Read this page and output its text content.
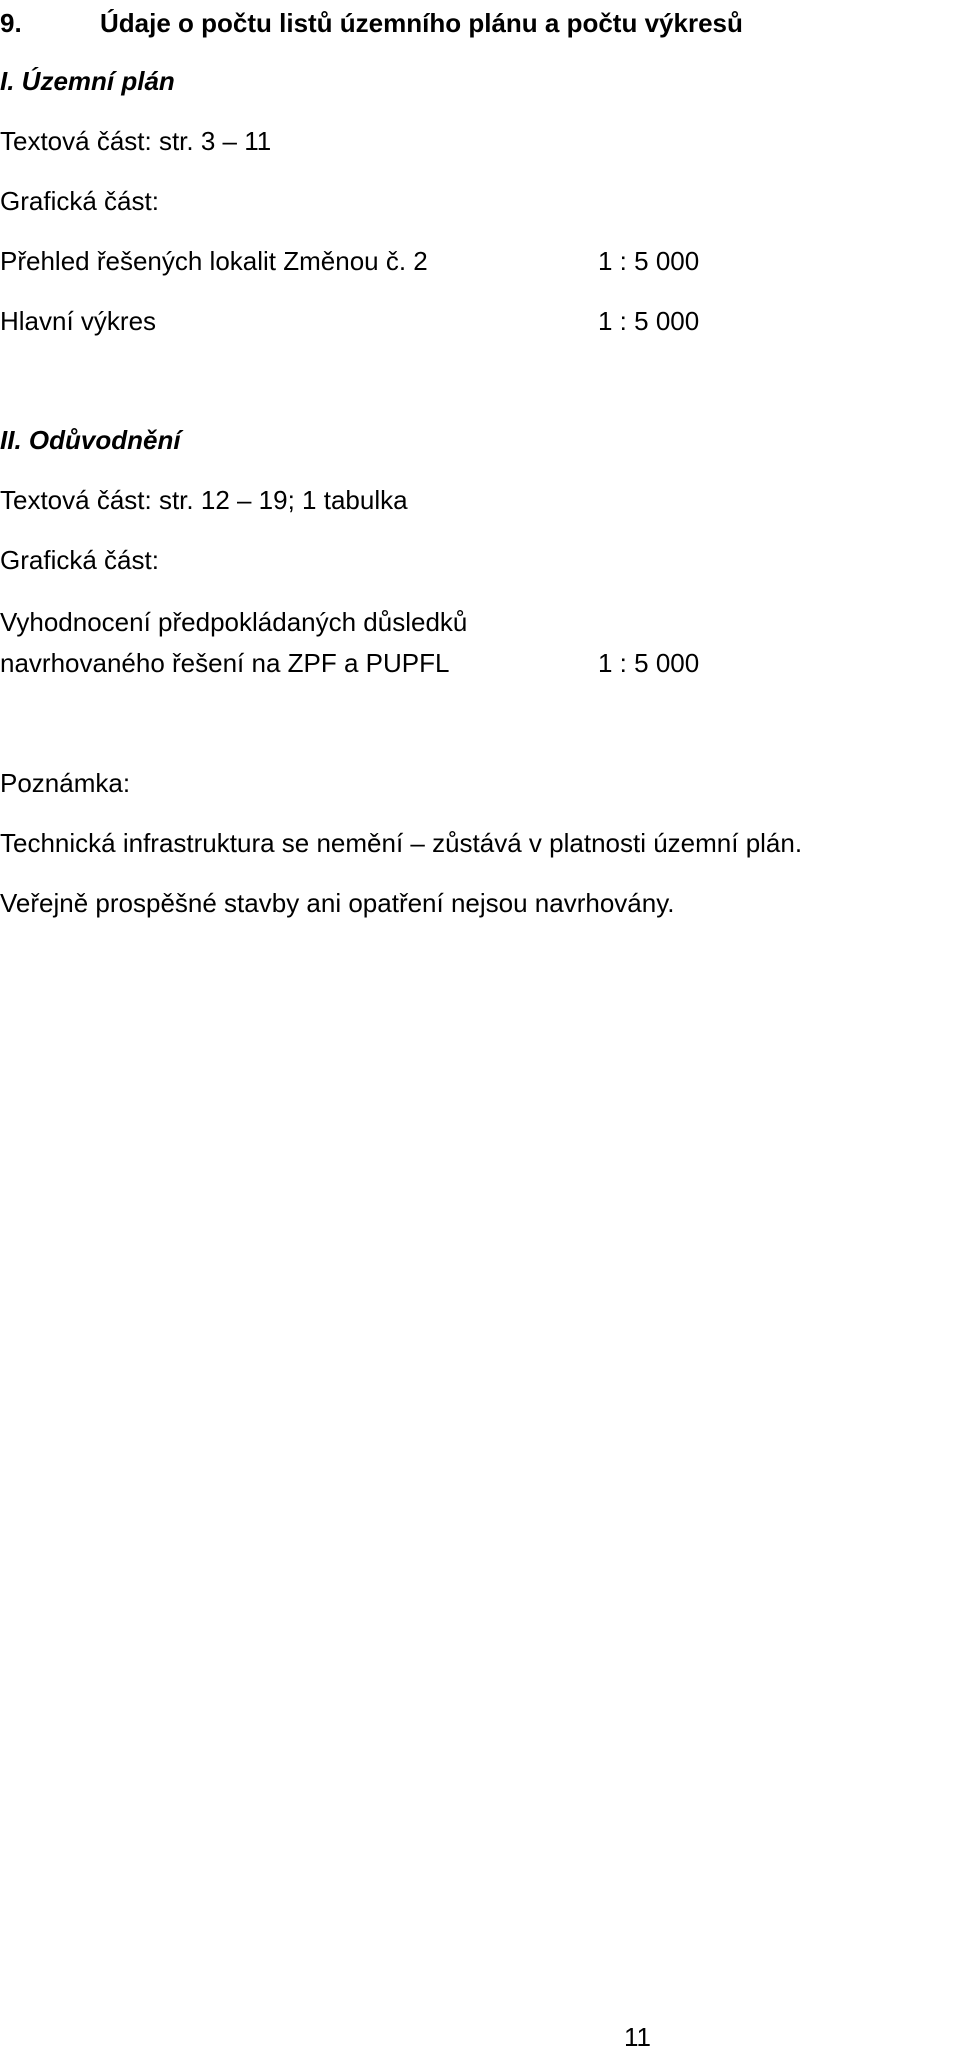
9.	Údaje o počtu listů územního plánu a počtu výkresů
I. Územní plán
Textová část: str. 3 – 11
Grafická část:
Přehled řešených lokalit Změnou č. 2	1 : 5 000
Hlavní výkres	1 : 5 000
II. Odůvodnění
Textová část: str. 12 – 19; 1 tabulka
Grafická část:
Vyhodnocení předpokládaných důsledků
navrhovaného řešení na ZPF a PUPFL	1 : 5 000
Poznámka:
Technická infrastruktura se nemění – zůstává v platnosti územní plán.
Veřejně prospěšné stavby ani opatření nejsou navrhovány.
11
